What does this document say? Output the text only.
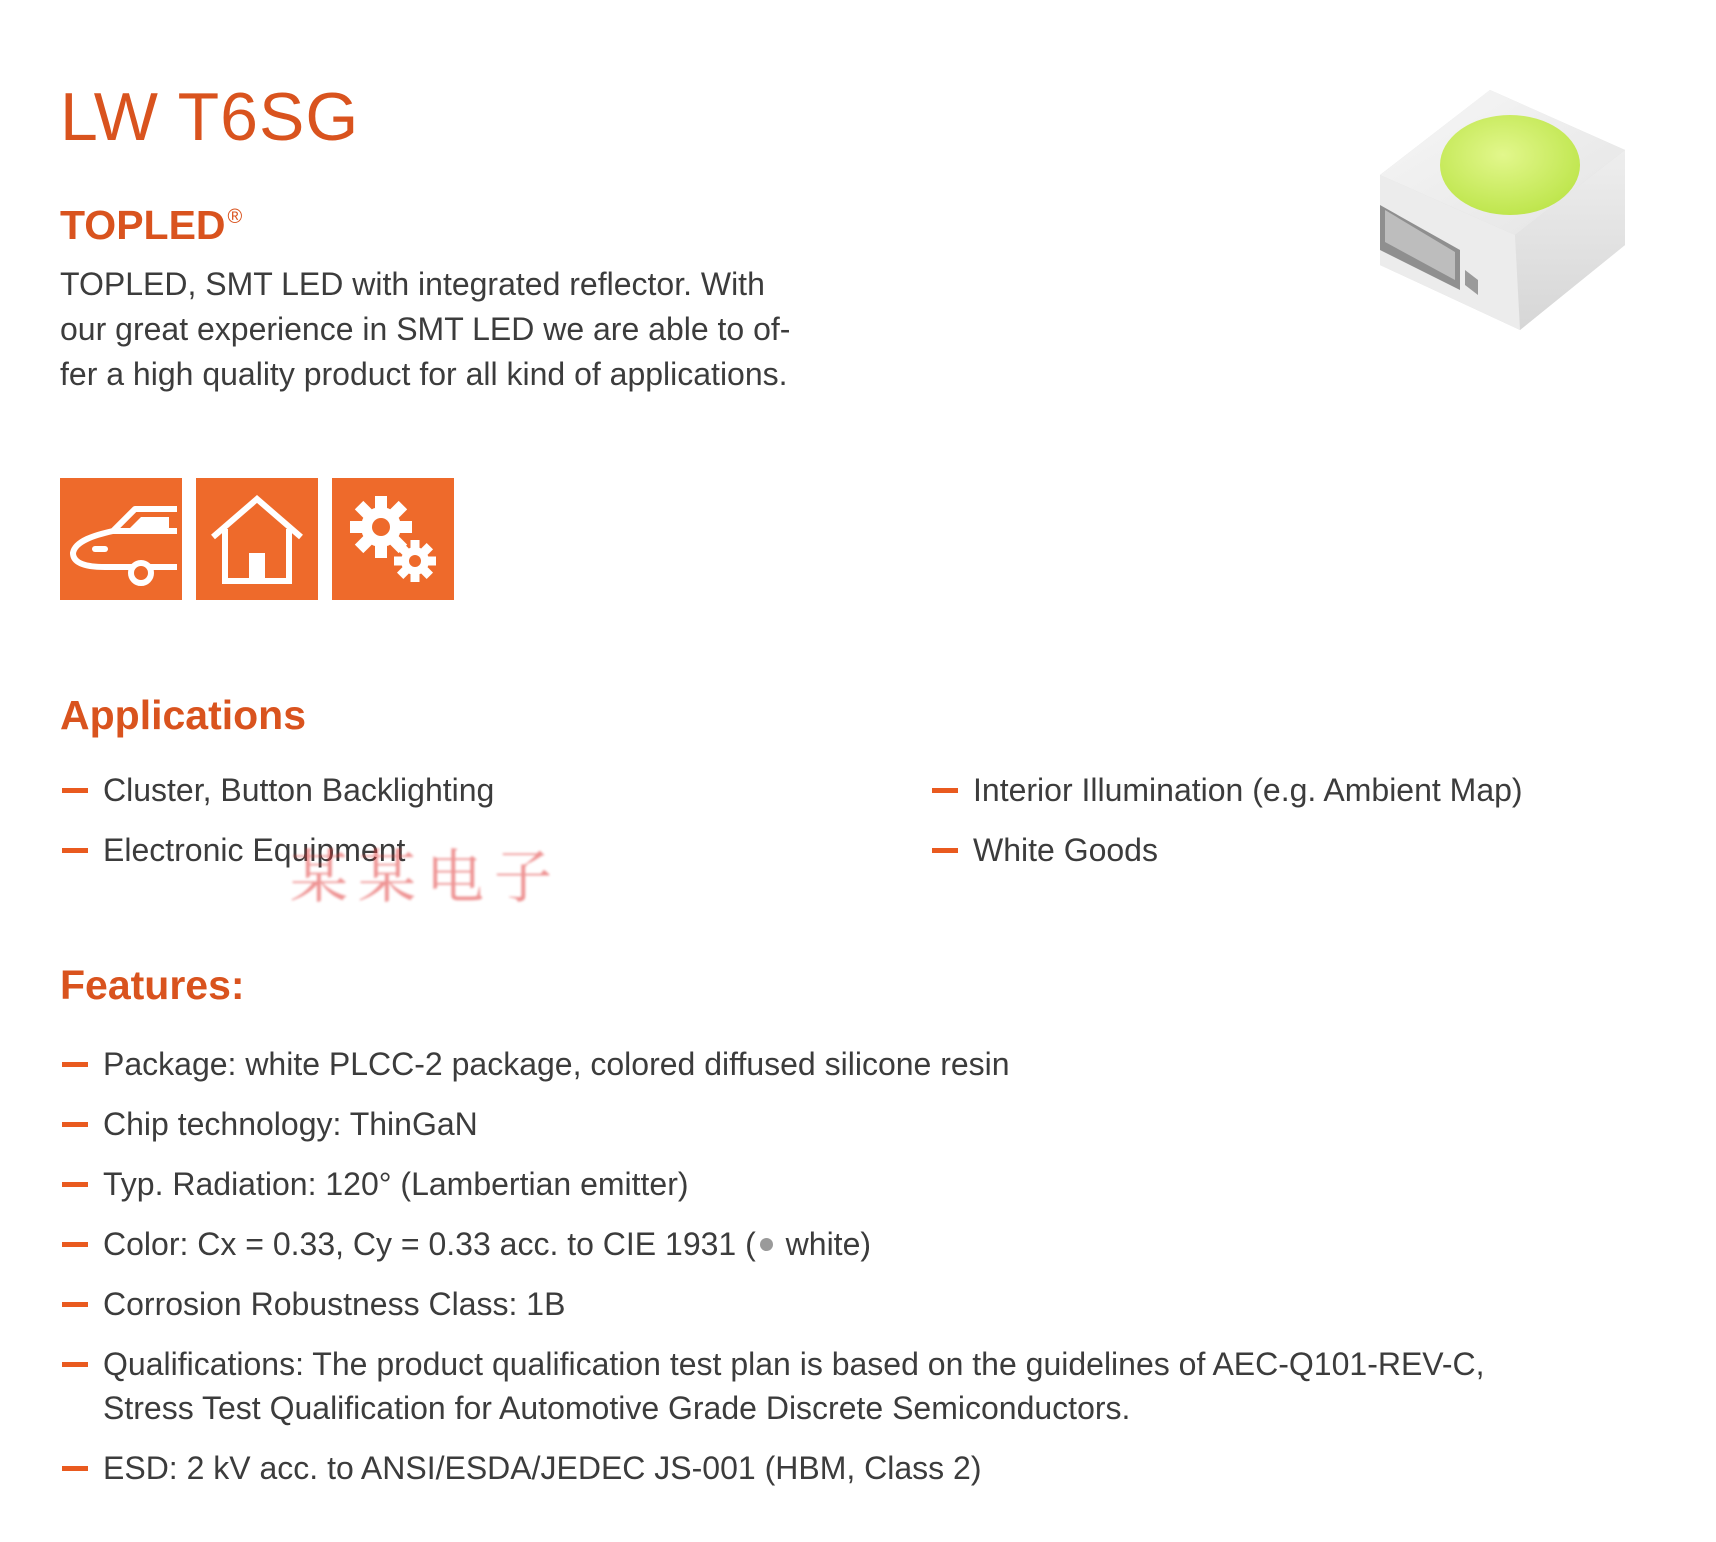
LW T6SG
TOPLED ®

TOPLED, SMT LED with integrated reflector. With
our great experience in SMT LED we are able to of-
fer a high quality product for all kind of applications.

Applications
Cluster, Button Backlighting	Interior Illumination (e.g. Ambient Map)
Electronic Equipment	White Goods
某某电子
Features:
Package: white PLCC-2 package, colored diffused silicone resin
Chip technology: ThinGaN
Typ. Radiation: 120° (Lambertian emitter)
Color: Cx = 0.33, Cy = 0.33 acc. to CIE 1931 ( white)
Corrosion Robustness Class: 1B
Qualifications: The product qualification test plan is based on the guidelines of AEC-Q101-REV-C,
Stress Test Qualification for Automotive Grade Discrete Semiconductors.
ESD: 2 kV acc. to ANSI/ESDA/JEDEC JS-001 (HBM, Class 2)
